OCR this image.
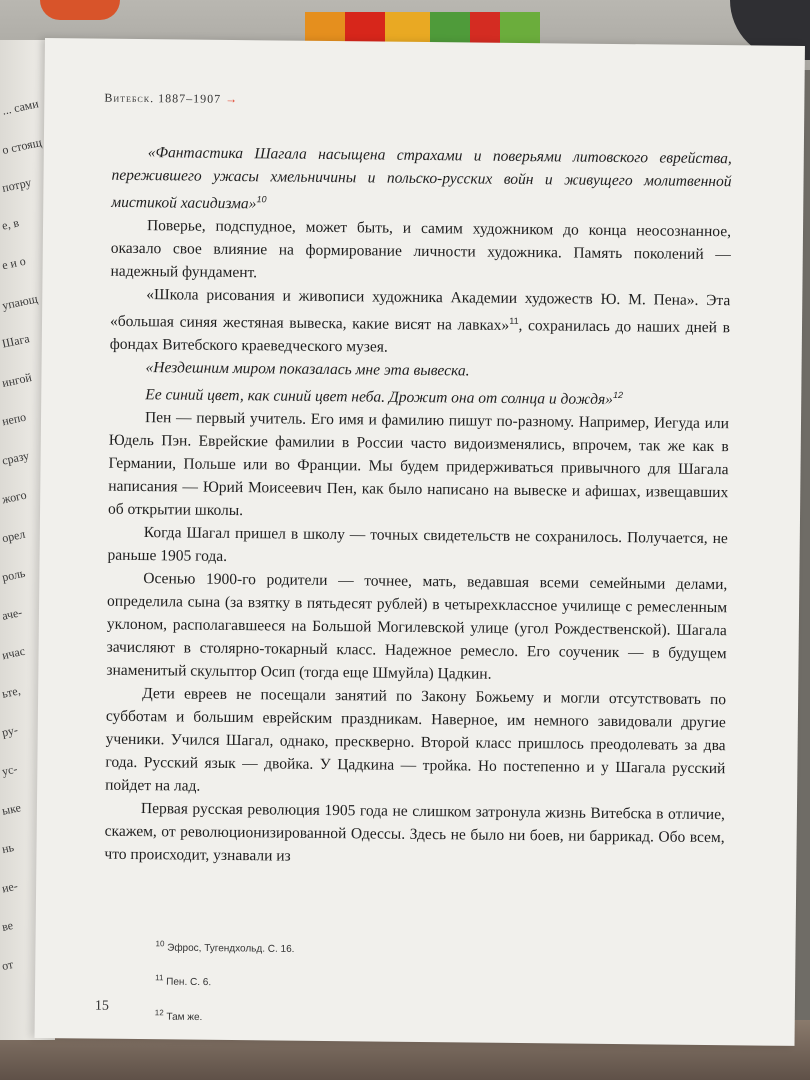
... сами
о стоящ
потру
е, в
е и о
упающ
Шага
ингой
непо
сразу
жого
орел
роль
аче-
ичас
ьте,
ру-
ус-
ыке
нь
ие-
ве
от
Витебск. 1887–1907 →

«Фантастика Шагала насыщена страхами и поверьями литовского еврейства, пережившего ужасы хмельничины и польско-русских войн и живущего молитвенной мистикой хасидизма»$^{10}$

Поверье, подспудное, может быть, и самим художником до конца неосознанное, оказало свое влияние на формирование личности художника. Память поколений — надежный фундамент.

«Школа рисования и живописи художника Академии художеств Ю. М. Пена». Эта «большая синяя жестяная вывеска, какие висят на лавках»$^{11}$, сохранилась до наших дней в фондах Витебского краеведческого музея.

«Нездешним миром показалась мне эта вывеска.

Ее синий цвет, как синий цвет неба. Дрожит она от солнца и дождя»$^{12}$

Пен — первый учитель. Его имя и фамилию пишут по-разному. Например, Иегуда или Юдель Пэн. Еврейские фамилии в России часто видоизменялись, впрочем, так же как в Германии, Польше или во Франции. Мы будем придерживаться привычного для Шагала написания — Юрий Моисеевич Пен, как было написано на вывеске и афишах, извещавших об открытии школы.

Когда Шагал пришел в школу — точных свидетельств не сохранилось. Получается, не раньше 1905 года.

Осенью 1900-го родители — точнее, мать, ведавшая всеми семейными делами, определила сына (за взятку в пятьдесят рублей) в четырехклассное училище с ремесленным уклоном, располагавшееся на Большой Могилевской улице (угол Рождественской). Шагала зачисляют в столярно-токарный класс. Надежное ремесло. Его соученик — в будущем знаменитый скульптор Осип (тогда еще Шмуйла) Цадкин.

Дети евреев не посещали занятий по Закону Божьему и могли отсутствовать по субботам и большим еврейским праздникам. Наверное, им немного завидовали другие ученики. Учился Шагал, однако, прескверно. Второй класс пришлось преодолевать за два года. Русский язык — двойка. У Цадкина — тройка. Но постепенно и у Шагала русский пойдет на лад.

Первая русская революция 1905 года не слишком затронула жизнь Витебска в отличие, скажем, от революционизированной Одессы. Здесь не было ни боев, ни баррикад. Обо всем, что происходит, узнавали из

$^{10}$ Эфрос, Тугендхольд. С. 16.
$^{11}$ Пен. С. 6.
$^{12}$ Там же.
15
